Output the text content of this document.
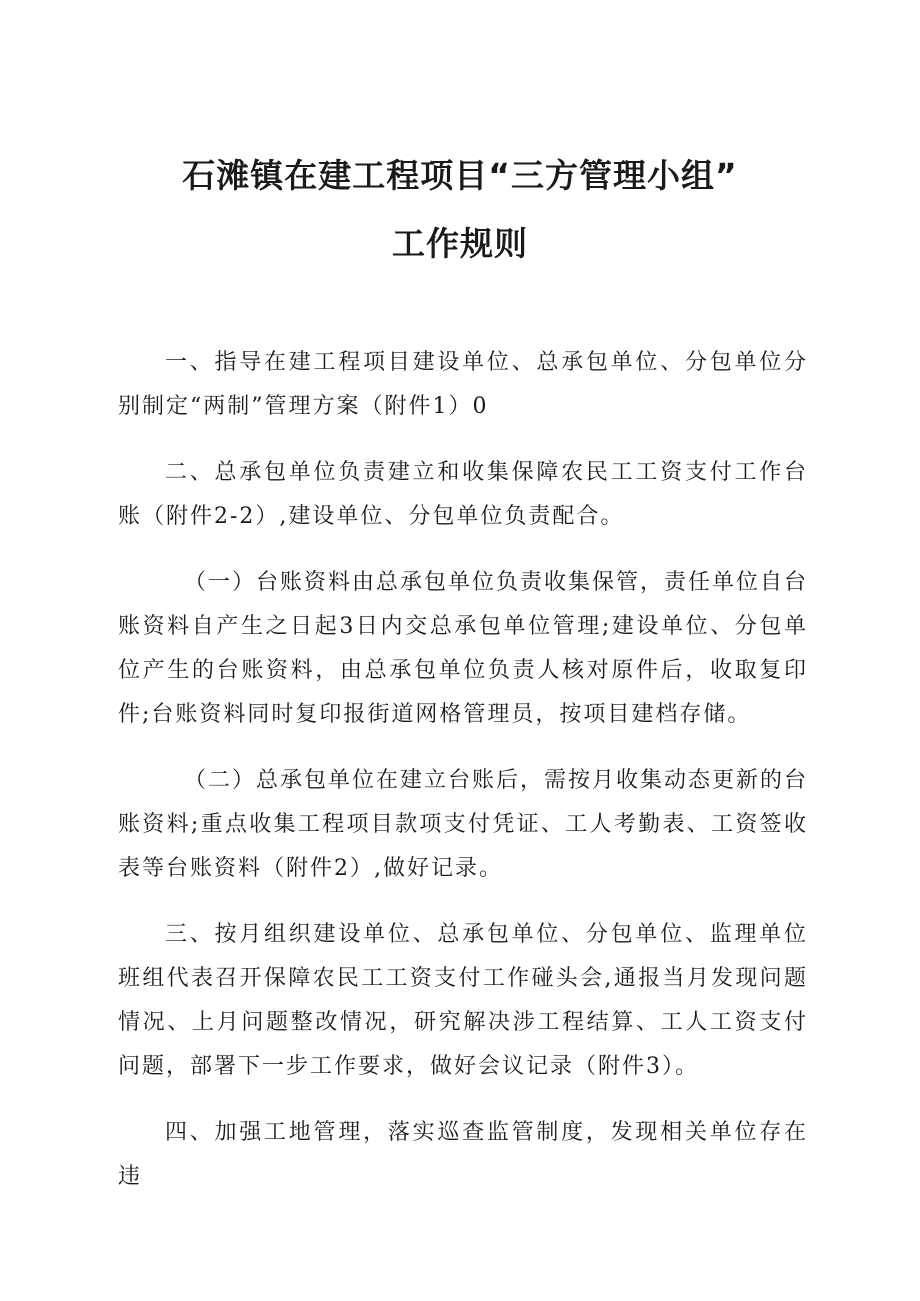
石滩镇在建工程项目“三方管理小组”
工作规则

一、指导在建工程项目建设单位、总承包单位、分包单位分别制定“两制”管理方案（附件1）0

二、总承包单位负责建立和收集保障农民工工资支付工作台账（附件2-2）,建设单位、分包单位负责配合。

（一）台账资料由总承包单位负责收集保管，责任单位自台账资料自产生之日起3日内交总承包单位管理;建设单位、分包单位产生的台账资料，由总承包单位负责人核对原件后，收取复印件;台账资料同时复印报街道网格管理员，按项目建档存储。

（二）总承包单位在建立台账后，需按月收集动态更新的台账资料;重点收集工程项目款项支付凭证、工人考勤表、工资签收表等台账资料（附件2）,做好记录。

三、按月组织建设单位、总承包单位、分包单位、监理单位班组代表召开保障农民工工资支付工作碰头会,通报当月发现问题情况、上月问题整改情况，研究解决涉工程结算、工人工资支付问题，部署下一步工作要求，做好会议记录（附件3）。

四、加强工地管理，落实巡查监管制度，发现相关单位存在违
